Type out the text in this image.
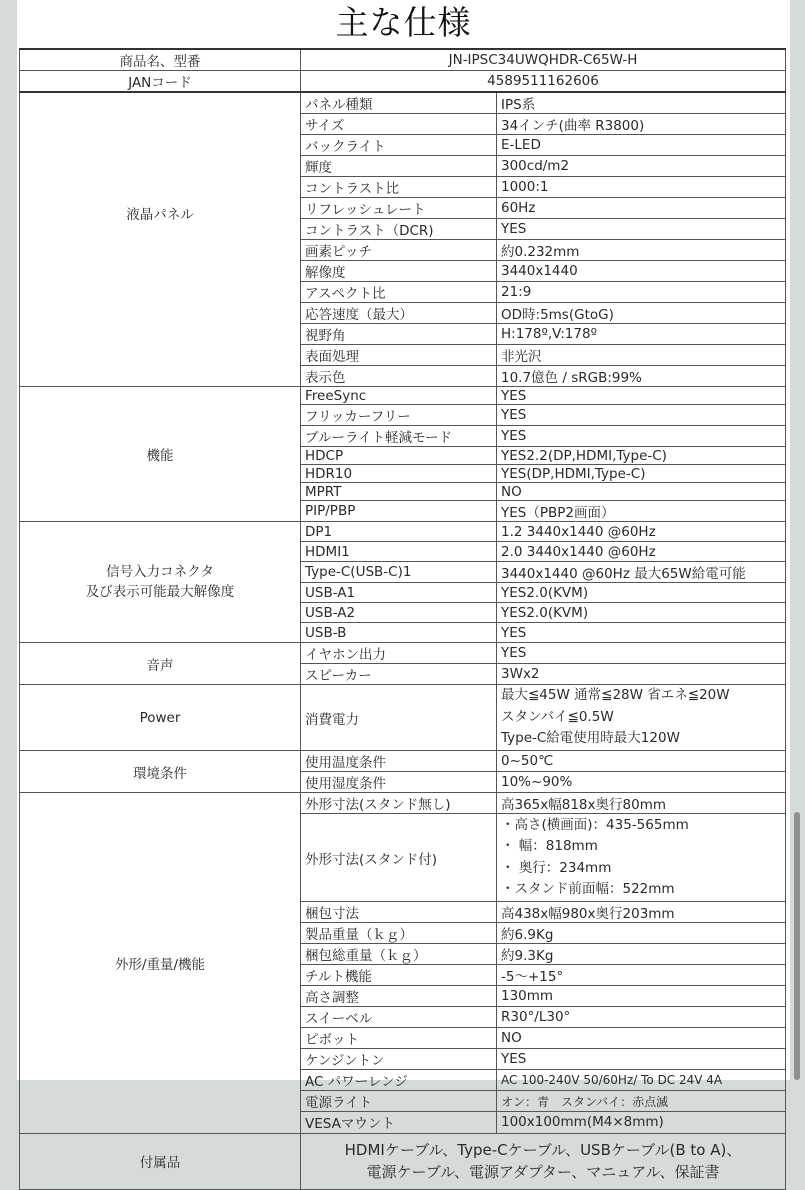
主な仕様
商品名、型番	JN-IPSC34UWQHDR-C65W-H	
JANコード	4589511162606	
液晶パネル	パネル種類	IPS系
	サイズ	34インチ(曲率 R3800)
	バックライト	E-LED
	輝度	300cd/m2
	コントラスト比	1000:1
	リフレッシュレート	60Hz
	コントラスト（DCR)	YES
	画素ピッチ	約0.232mm
	解像度	3440x1440
	アスペクト比	21:9
	応答速度（最大）	OD時:5ms(GtoG)
	視野角	H:178º,V:178º
	表面処理	非光沢
	表示色	10.7億色 / sRGB:99%
機能	FreeSync	YES
	フリッカーフリー	YES
	ブルーライト軽減モード	YES
	HDCP	YES2.2(DP,HDMI,Type-C)
	HDR10	YES(DP,HDMI,Type-C)
	MPRT	NO
	PIP/PBP	YES（PBP2画面）

信号入力コネクタ
及び表示可能最大解像度	DP1	1.2 3440x1440 @60Hz
	HDMI1	2.0 3440x1440 @60Hz
	Type-C(USB-C)1	3440x1440 @60Hz 最大65W給電可能
	USB-A1	YES2.0(KVM)
	USB-A2	YES2.0(KVM)
	USB-B	YES
音声	イヤホン出力	YES
	スピーカー	3Wx2
Power	消費電力	最大≦45W 通常≦28W 省エネ≦20W
スタンバイ≦0.5W
Type-C給電使用時最大120W

環境条件	使用温度条件	0~50℃
	使用湿度条件	10%~90%
外形/重量/機能	外形寸法(スタンド無し)	高365x幅818x奥行80mm
	外形寸法(スタンド付)	・高さ(横画面)：435-565mm
・ 幅：818mm
・ 奥行：234mm
・スタンド前面幅：522mm

	梱包寸法	高438x幅980x奥行203mm
	製品重量（ｋｇ）	約6.9Kg
	梱包総重量（ｋｇ）	約9.3Kg
	チルト機能	-5～+15°
	高さ調整	130mm
	スイーベル	R30°/L30°
	ピボット	NO
	ケンジントン	YES
	AC パワーレンジ	AC 100-240V 50/60Hz/ To DC 24V 4A
	電源ライト	オン：青　スタンバイ：赤点滅
	VESAマウント	100x100mm(M4×8mm)
付属品	HDMIケーブル、Type-Cケーブル、USBケーブル(B to A)、
電源ケーブル、電源アダプター、マニュアル、保証書	
